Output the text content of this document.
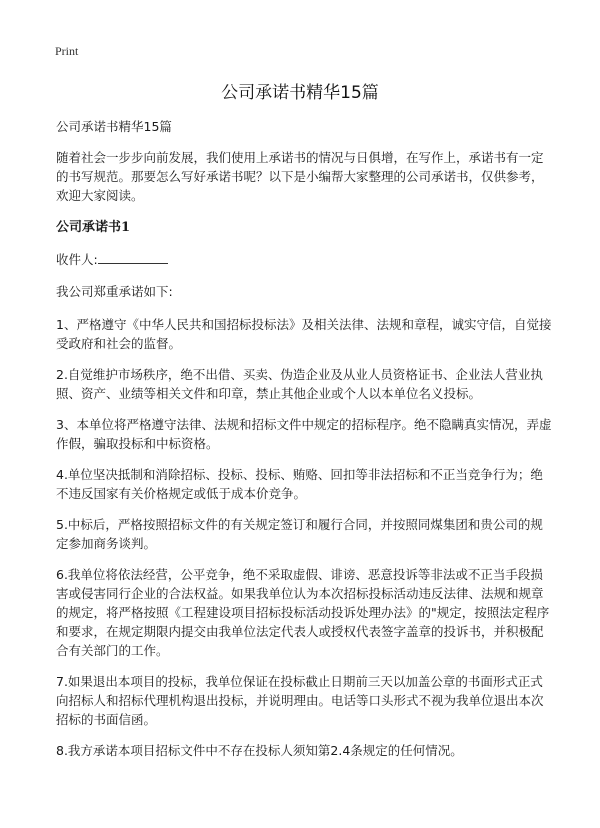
Print
公司承诺书精华15篇

公司承诺书精华15篇

随着社会一步步向前发展，我们使用上承诺书的情况与日俱增，在写作上，承诺书有一定的书写规范。那要怎么写好承诺书呢？以下是小编帮大家整理的公司承诺书，仅供参考，欢迎大家阅读。

公司承诺书1

收件人:

我公司郑重承诺如下:

1、严格遵守《中华人民共和国招标投标法》及相关法律、法规和章程，诚实守信，自觉接受政府和社会的监督。

2.自觉维护市场秩序，绝不出借、买卖、伪造企业及从业人员资格证书、企业法人营业执照、资产、业绩等相关文件和印章，禁止其他企业或个人以本单位名义投标。

3、本单位将严格遵守法律、法规和招标文件中规定的招标程序。绝不隐瞒真实情况，弄虚作假，骗取投标和中标资格。

4.单位坚决抵制和消除招标、投标、投标、贿赂、回扣等非法招标和不正当竞争行为；绝不违反国家有关价格规定或低于成本价竞争。

5.中标后，严格按照招标文件的有关规定签订和履行合同，并按照同煤集团和贵公司的规定参加商务谈判。

6.我单位将依法经营，公平竞争，绝不采取虚假、诽谤、恶意投诉等非法或不正当手段损害或侵害同行企业的合法权益。如果我单位认为本次招标投标活动违反法律、法规和规章的规定，将严格按照《工程建设项目招标投标活动投诉处理办法》的"规定，按照法定程序和要求，在规定期限内提交由我单位法定代表人或授权代表签字盖章的投诉书，并积极配合有关部门的工作。

7.如果退出本项目的投标，我单位保证在投标截止日期前三天以加盖公章的书面形式正式向招标人和招标代理机构退出投标，并说明理由。电话等口头形式不视为我单位退出本次招标的书面信函。

8.我方承诺本项目招标文件中不存在投标人须知第2.4条规定的任何情况。
